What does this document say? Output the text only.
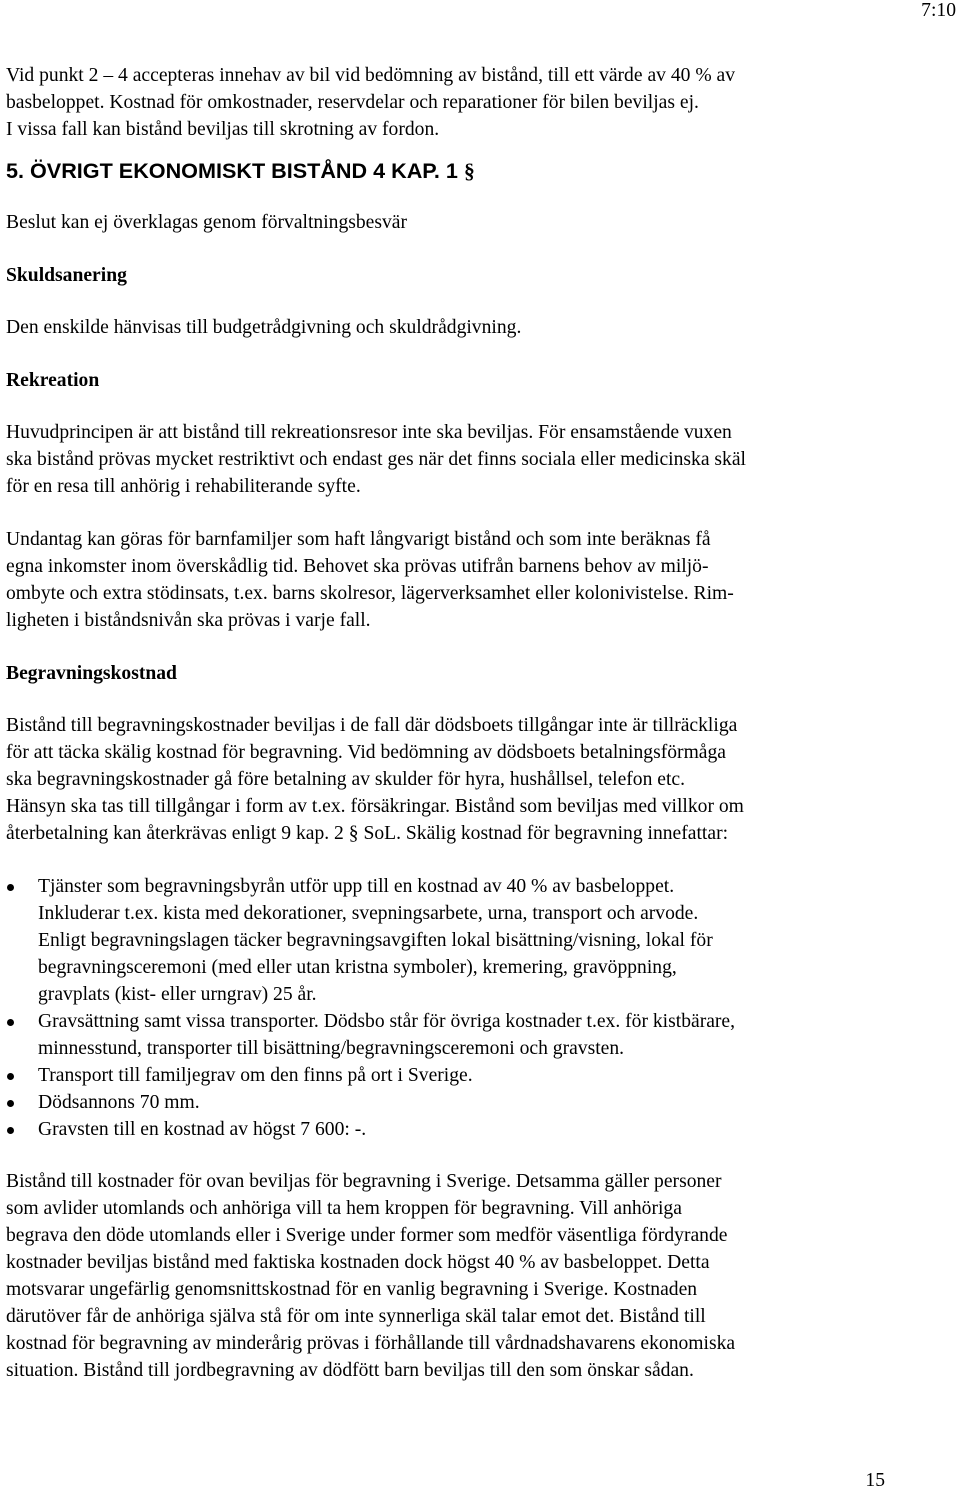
7:10

Vid punkt 2 – 4 accepteras innehav av bil vid bedömning av bistånd, till ett värde av 40 % av
basbeloppet. Kostnad för omkostnader, reservdelar och reparationer för bilen beviljas ej.
I vissa fall kan bistånd beviljas till skrotning av fordon.

5. ÖVRIGT EKONOMISKT BISTÅND 4 KAP. 1 §

Beslut kan ej överklagas genom förvaltningsbesvär

Skuldsanering

Den enskilde hänvisas till budgetrådgivning och skuldrådgivning.

Rekreation

Huvudprincipen är att bistånd till rekreationsresor inte ska beviljas. För ensamstående vuxen
ska bistånd prövas mycket restriktivt och endast ges när det finns sociala eller medicinska skäl
för en resa till anhörig i rehabiliterande syfte.

Undantag kan göras för barnfamiljer som haft långvarigt bistånd och som inte beräknas få
egna inkomster inom överskådlig tid. Behovet ska prövas utifrån barnens behov av miljö-
ombyte och extra stödinsats, t.ex. barns skolresor, lägerverksamhet eller kolonivistelse. Rim-
ligheten i biståndsnivån ska prövas i varje fall.

Begravningskostnad

Bistånd till begravningskostnader beviljas i de fall där dödsboets tillgångar inte är tillräckliga
för att täcka skälig kostnad för begravning. Vid bedömning av dödsboets betalningsförmåga
ska begravningskostnader gå före betalning av skulder för hyra, hushållsel, telefon etc.
Hänsyn ska tas till tillgångar i form av t.ex. försäkringar. Bistånd som beviljas med villkor om
återbetalning kan återkrävas enligt 9 kap. 2 § SoL. Skälig kostnad för begravning innefattar:

Tjänster som begravningsbyrån utför upp till en kostnad av 40 % av basbeloppet.
Inkluderar t.ex. kista med dekorationer, svepningsarbete, urna, transport och arvode.
Enligt begravningslagen täcker begravningsavgiften lokal bisättning/visning, lokal för
begravningsceremoni (med eller utan kristna symboler), kremering, gravöppning,
gravplats (kist- eller urngrav) 25 år.
Gravsättning samt vissa transporter. Dödsbo står för övriga kostnader t.ex. för kistbärare,
minnesstund, transporter till bisättning/begravningsceremoni och gravsten.
Transport till familjegrav om den finns på ort i Sverige.
Dödsannons 70 mm.
Gravsten till en kostnad av högst 7 600: -.

Bistånd till kostnader för ovan beviljas för begravning i Sverige. Detsamma gäller personer
som avlider utomlands och anhöriga vill ta hem kroppen för begravning. Vill anhöriga
begrava den döde utomlands eller i Sverige under former som medför väsentliga fördyrande
kostnader beviljas bistånd med faktiska kostnaden dock högst 40 % av basbeloppet. Detta
motsvarar ungefärlig genomsnittskostnad för en vanlig begravning i Sverige. Kostnaden
därutöver får de anhöriga själva stå för om inte synnerliga skäl talar emot det. Bistånd till
kostnad för begravning av minderårig prövas i förhållande till vårdnadshavarens ekonomiska
situation. Bistånd till jordbegravning av dödfött barn beviljas till den som önskar sådan.

15
